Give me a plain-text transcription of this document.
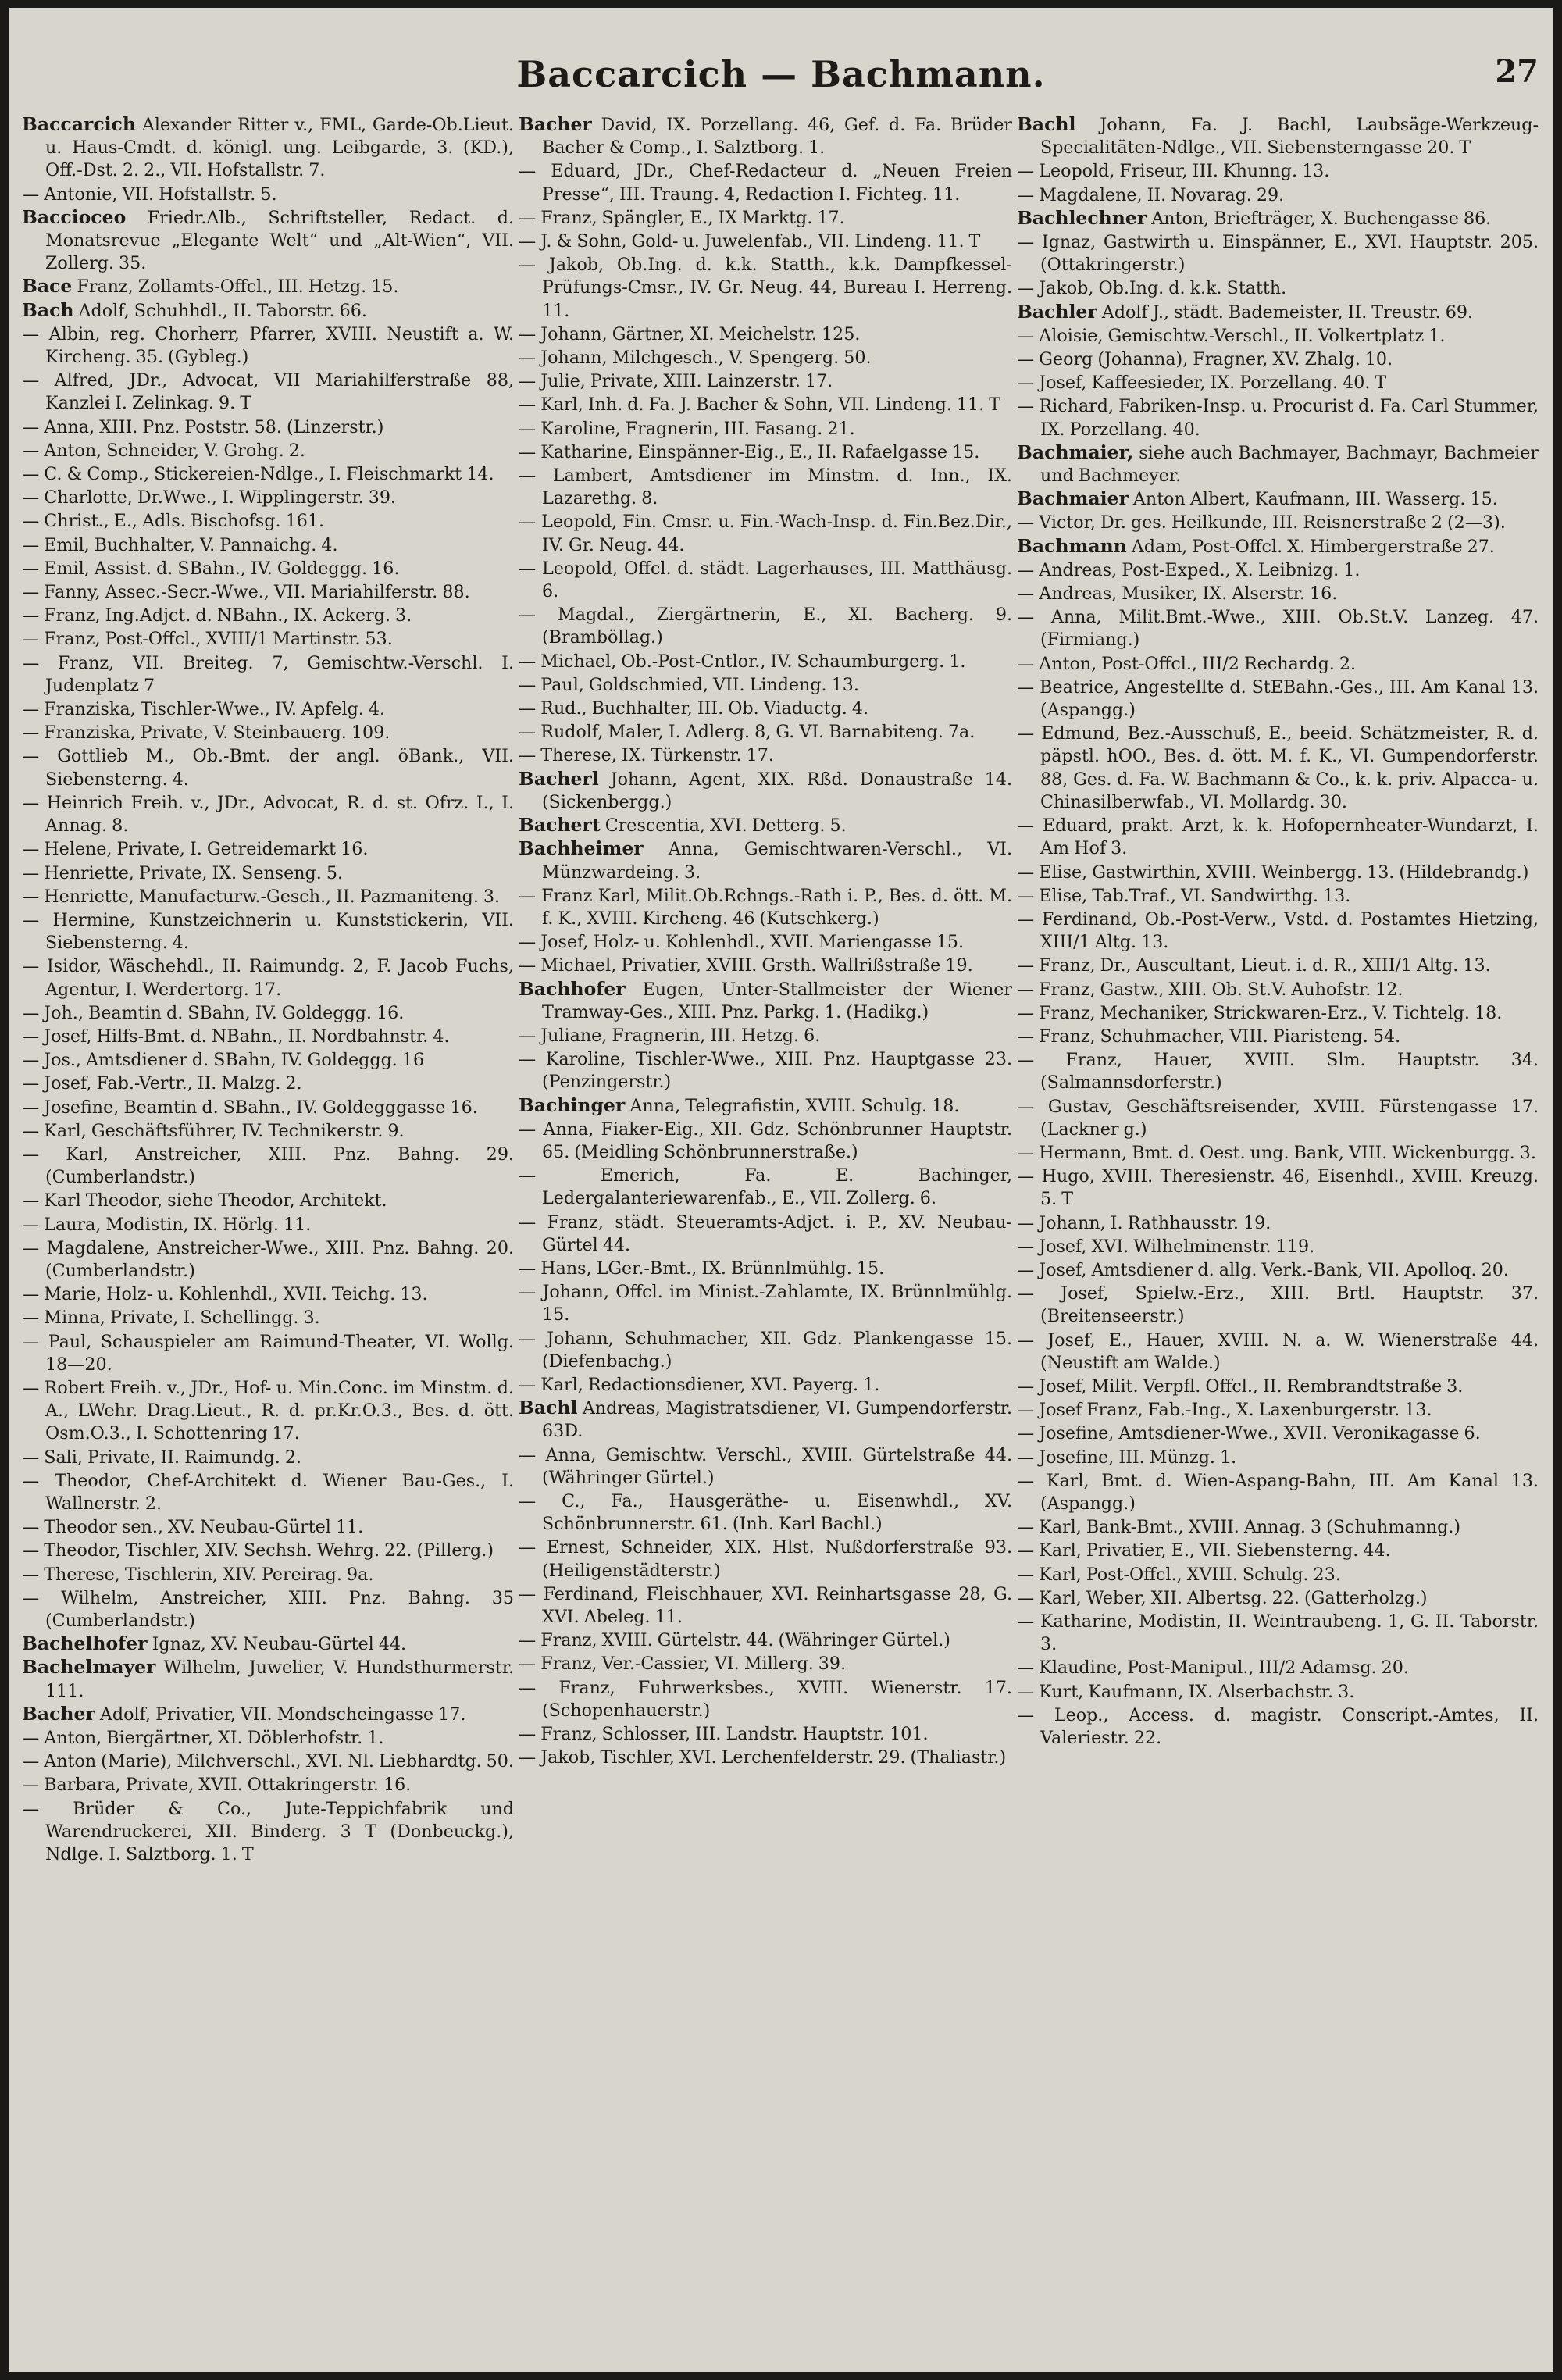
Baccarcich — Bachmann.	27
Baccarcich Alexander Ritter v., FML, Garde-Ob.Lieut. u. Haus-Cmdt. d. königl. ung. Leibgarde, 3. (KD.), Off.-Dst. 2. 2., VII. Hofstallstr. 7.
— Antonie, VII. Hofstallstr. 5.
Baccioceo Friedr.Alb., Schriftsteller, Redact. d. Monatsrevue „Elegante Welt“ und „Alt-Wien“, VII. Zollerg. 35.
Bace Franz, Zollamts-Offcl., III. Hetzg. 15.
Bach Adolf, Schuhhdl., II. Taborstr. 66.
— Albin, reg. Chorherr, Pfarrer, XVIII. Neustift a. W. Kircheng. 35. (Gybleg.)
— Alfred, JDr., Advocat, VII Mariahilferstraße 88, Kanzlei I. Zelinkag. 9. T
— Anna, XIII. Pnz. Poststr. 58. (Linzerstr.)
— Anton, Schneider, V. Grohg. 2.
— C. & Comp., Stickereien-Ndlge., I. Fleischmarkt 14.
— Charlotte, Dr.Wwe., I. Wipplingerstr. 39.
— Christ., E., Adls. Bischofsg. 161.
— Emil, Buchhalter, V. Pannaichg. 4.
— Emil, Assist. d. SBahn., IV. Goldeggg. 16.
— Fanny, Assec.-Secr.-Wwe., VII. Mariahilferstr. 88.
— Franz, Ing.Adjct. d. NBahn., IX. Ackerg. 3.
— Franz, Post-Offcl., XVIII/1 Martinstr. 53.
— Franz, VII. Breiteg. 7, Gemischtw.-Verschl. I. Judenplatz 7
— Franziska, Tischler-Wwe., IV. Apfelg. 4.
— Franziska, Private, V. Steinbauerg. 109.
— Gottlieb M., Ob.-Bmt. der angl. öBank., VII. Siebensterng. 4.
— Heinrich Freih. v., JDr., Advocat, R. d. st. Ofrz. I., I. Annag. 8.
— Helene, Private, I. Getreidemarkt 16.
— Henriette, Private, IX. Senseng. 5.
— Henriette, Manufacturw.-Gesch., II. Pazmaniteng. 3.
— Hermine, Kunstzeichnerin u. Kunststickerin, VII. Siebensterng. 4.
— Isidor, Wäschehdl., II. Raimundg. 2, F. Jacob Fuchs, Agentur, I. Werdertorg. 17.
— Joh., Beamtin d. SBahn, IV. Goldeggg. 16.
— Josef, Hilfs-Bmt. d. NBahn., II. Nordbahnstr. 4.
— Jos., Amtsdiener d. SBahn, IV. Goldeggg. 16
— Josef, Fab.-Vertr., II. Malzg. 2.
— Josefine, Beamtin d. SBahn., IV. Goldegggasse 16.
— Karl, Geschäftsführer, IV. Technikerstr. 9.
— Karl, Anstreicher, XIII. Pnz. Bahng. 29. (Cumberlandstr.)
— Karl Theodor, siehe Theodor, Architekt.
— Laura, Modistin, IX. Hörlg. 11.
— Magdalene, Anstreicher-Wwe., XIII. Pnz. Bahng. 20. (Cumberlandstr.)
— Marie, Holz- u. Kohlenhdl., XVII. Teichg. 13.
— Minna, Private, I. Schellingg. 3.
— Paul, Schauspieler am Raimund-Theater, VI. Wollg. 18—20.
— Robert Freih. v., JDr., Hof- u. Min.Conc. im Minstm. d. A., LWehr. Drag.Lieut., R. d. pr.Kr.O.3., Bes. d. ött. Osm.O.3., I. Schottenring 17.
— Sali, Private, II. Raimundg. 2.
— Theodor, Chef-Architekt d. Wiener Bau-Ges., I. Wallnerstr. 2.
— Theodor sen., XV. Neubau-Gürtel 11.
— Theodor, Tischler, XIV. Sechsh. Wehrg. 22. (Pillerg.)
— Therese, Tischlerin, XIV. Pereirag. 9a.
— Wilhelm, Anstreicher, XIII. Pnz. Bahng. 35 (Cumberlandstr.)
Bachelhofer Ignaz, XV. Neubau-Gürtel 44.
Bachelmayer Wilhelm, Juwelier, V. Hundsthurmerstr. 111.
Bacher Adolf, Privatier, VII. Mondscheingasse 17.
— Anton, Biergärtner, XI. Döblerhofstr. 1.
— Anton (Marie), Milchverschl., XVI. Nl. Liebhardtg. 50.
— Barbara, Private, XVII. Ottakringerstr. 16.
— Brüder & Co., Jute-Teppichfabrik und Warendruckerei, XII. Binderg. 3 T (Donbeuckg.), Ndlge. I. Salztborg. 1. T
Bacher David, IX. Porzellang. 46, Gef. d. Fa. Brüder Bacher & Comp., I. Salztborg. 1.
— Eduard, JDr., Chef-Redacteur d. „Neuen Freien Presse“, III. Traung. 4, Redaction I. Fichteg. 11.
— Franz, Spängler, E., IX Marktg. 17.
— J. & Sohn, Gold- u. Juwelenfab., VII. Lindeng. 11. T
— Jakob, Ob.Ing. d. k.k. Statth., k.k. Dampfkessel-Prüfungs-Cmsr., IV. Gr. Neug. 44, Bureau I. Herreng. 11.
— Johann, Gärtner, XI. Meichelstr. 125.
— Johann, Milchgesch., V. Spengerg. 50.
— Julie, Private, XIII. Lainzerstr. 17.
— Karl, Inh. d. Fa. J. Bacher & Sohn, VII. Lindeng. 11. T
— Karoline, Fragnerin, III. Fasang. 21.
— Katharine, Einspänner-Eig., E., II. Rafaelgasse 15.
— Lambert, Amtsdiener im Minstm. d. Inn., IX. Lazarethg. 8.
— Leopold, Fin. Cmsr. u. Fin.-Wach-Insp. d. Fin.Bez.Dir., IV. Gr. Neug. 44.
— Leopold, Offcl. d. städt. Lagerhauses, III. Matthäusg. 6.
— Magdal., Ziergärtnerin, E., XI. Bacherg. 9. (Bramböllag.)
— Michael, Ob.-Post-Cntlor., IV. Schaumburgerg. 1.
— Paul, Goldschmied, VII. Lindeng. 13.
— Rud., Buchhalter, III. Ob. Viaductg. 4.
— Rudolf, Maler, I. Adlerg. 8, G. VI. Barnabiteng. 7a.
— Therese, IX. Türkenstr. 17.
Bacherl Johann, Agent, XIX. Rßd. Donaustraße 14. (Sickenbergg.)
Bachert Crescentia, XVI. Detterg. 5.
Bachheimer Anna, Gemischtwaren-Verschl., VI. Münzwardeing. 3.
— Franz Karl, Milit.Ob.Rchngs.-Rath i. P., Bes. d. ött. M. f. K., XVIII. Kircheng. 46 (Kutschkerg.)
— Josef, Holz- u. Kohlenhdl., XVII. Mariengasse 15.
— Michael, Privatier, XVIII. Grsth. Wallrißstraße 19.
Bachhofer Eugen, Unter-Stallmeister der Wiener Tramway-Ges., XIII. Pnz. Parkg. 1. (Hadikg.)
— Juliane, Fragnerin, III. Hetzg. 6.
— Karoline, Tischler-Wwe., XIII. Pnz. Hauptgasse 23. (Penzingerstr.)
Bachinger Anna, Telegrafistin, XVIII. Schulg. 18.
— Anna, Fiaker-Eig., XII. Gdz. Schönbrunner Hauptstr. 65. (Meidling Schönbrunnerstraße.)
— Emerich, Fa. E. Bachinger, Ledergalanteriewarenfab., E., VII. Zollerg. 6.
— Franz, städt. Steueramts-Adjct. i. P., XV. Neubau-Gürtel 44.
— Hans, LGer.-Bmt., IX. Brünnlmühlg. 15.
— Johann, Offcl. im Minist.-Zahlamte, IX. Brünnlmühlg. 15.
— Johann, Schuhmacher, XII. Gdz. Plankengasse 15. (Diefenbachg.)
— Karl, Redactionsdiener, XVI. Payerg. 1.
Bachl Andreas, Magistratsdiener, VI. Gumpendorferstr. 63D.
— Anna, Gemischtw. Verschl., XVIII. Gürtelstraße 44. (Währinger Gürtel.)
— C., Fa., Hausgeräthe- u. Eisenwhdl., XV. Schönbrunnerstr. 61. (Inh. Karl Bachl.)
— Ernest, Schneider, XIX. Hlst. Nußdorferstraße 93. (Heiligenstädterstr.)
— Ferdinand, Fleischhauer, XVI. Reinhartsgasse 28, G. XVI. Abeleg. 11.
— Franz, XVIII. Gürtelstr. 44. (Währinger Gürtel.)
— Franz, Ver.-Cassier, VI. Millerg. 39.
— Franz, Fuhrwerksbes., XVIII. Wienerstr. 17. (Schopenhauerstr.)
— Franz, Schlosser, III. Landstr. Hauptstr. 101.
— Jakob, Tischler, XVI. Lerchenfelderstr. 29. (Thaliastr.)
Bachl Johann, Fa. J. Bachl, Laubsäge-Werkzeug-Specialitäten-Ndlge., VII. Siebensterngasse 20. T
— Leopold, Friseur, III. Khunng. 13.
— Magdalene, II. Novarag. 29.
Bachlechner Anton, Briefträger, X. Buchengasse 86.
— Ignaz, Gastwirth u. Einspänner, E., XVI. Hauptstr. 205. (Ottakringerstr.)
— Jakob, Ob.Ing. d. k.k. Statth.
Bachler Adolf J., städt. Bademeister, II. Treustr. 69.
— Aloisie, Gemischtw.-Verschl., II. Volkertplatz 1.
— Georg (Johanna), Fragner, XV. Zhalg. 10.
— Josef, Kaffeesieder, IX. Porzellang. 40. T
— Richard, Fabriken-Insp. u. Procurist d. Fa. Carl Stummer, IX. Porzellang. 40.
Bachmaier, siehe auch Bachmayer, Bachmayr, Bachmeier und Bachmeyer.
Bachmaier Anton Albert, Kaufmann, III. Wasserg. 15.
— Victor, Dr. ges. Heilkunde, III. Reisnerstraße 2 (2—3).
Bachmann Adam, Post-Offcl. X. Himbergerstraße 27.
— Andreas, Post-Exped., X. Leibnizg. 1.
— Andreas, Musiker, IX. Alserstr. 16.
— Anna, Milit.Bmt.-Wwe., XIII. Ob.St.V. Lanzeg. 47. (Firmiang.)
— Anton, Post-Offcl., III/2 Rechardg. 2.
— Beatrice, Angestellte d. StEBahn.-Ges., III. Am Kanal 13. (Aspangg.)
— Edmund, Bez.-Ausschuß, E., beeid. Schätzmeister, R. d. päpstl. hOO., Bes. d. ött. M. f. K., VI. Gumpendorferstr. 88, Ges. d. Fa. W. Bachmann & Co., k. k. priv. Alpacca- u. Chinasilberwfab., VI. Mollardg. 30.
— Eduard, prakt. Arzt, k. k. Hofopernheater-Wundarzt, I. Am Hof 3.
— Elise, Gastwirthin, XVIII. Weinbergg. 13. (Hildebrandg.)
— Elise, Tab.Traf., VI. Sandwirthg. 13.
— Ferdinand, Ob.-Post-Verw., Vstd. d. Postamtes Hietzing, XIII/1 Altg. 13.
— Franz, Dr., Auscultant, Lieut. i. d. R., XIII/1 Altg. 13.
— Franz, Gastw., XIII. Ob. St.V. Auhofstr. 12.
— Franz, Mechaniker, Strickwaren-Erz., V. Tichtelg. 18.
— Franz, Schuhmacher, VIII. Piaristeng. 54.
— Franz, Hauer, XVIII. Slm. Hauptstr. 34. (Salmannsdorferstr.)
— Gustav, Geschäftsreisender, XVIII. Fürstengasse 17. (Lackner g.)
— Hermann, Bmt. d. Oest. ung. Bank, VIII. Wickenburgg. 3.
— Hugo, XVIII. Theresienstr. 46, Eisenhdl., XVIII. Kreuzg. 5. T
— Johann, I. Rathhausstr. 19.
— Josef, XVI. Wilhelminenstr. 119.
— Josef, Amtsdiener d. allg. Verk.-Bank, VII. Apolloq. 20.
— Josef, Spielw.-Erz., XIII. Brtl. Hauptstr. 37. (Breitenseerstr.)
— Josef, E., Hauer, XVIII. N. a. W. Wienerstraße 44. (Neustift am Walde.)
— Josef, Milit. Verpfl. Offcl., II. Rembrandtstraße 3.
— Josef Franz, Fab.-Ing., X. Laxenburgerstr. 13.
— Josefine, Amtsdiener-Wwe., XVII. Veronikagasse 6.
— Josefine, III. Münzg. 1.
— Karl, Bmt. d. Wien-Aspang-Bahn, III. Am Kanal 13. (Aspangg.)
— Karl, Bank-Bmt., XVIII. Annag. 3 (Schuhmanng.)
— Karl, Privatier, E., VII. Siebensterng. 44.
— Karl, Post-Offcl., XVIII. Schulg. 23.
— Karl, Weber, XII. Albertsg. 22. (Gatterholzg.)
— Katharine, Modistin, II. Weintraubeng. 1, G. II. Taborstr. 3.
— Klaudine, Post-Manipul., III/2 Adamsg. 20.
— Kurt, Kaufmann, IX. Alserbachstr. 3.
— Leop., Access. d. magistr. Conscript.-Amtes, II. Valeriestr. 22.
